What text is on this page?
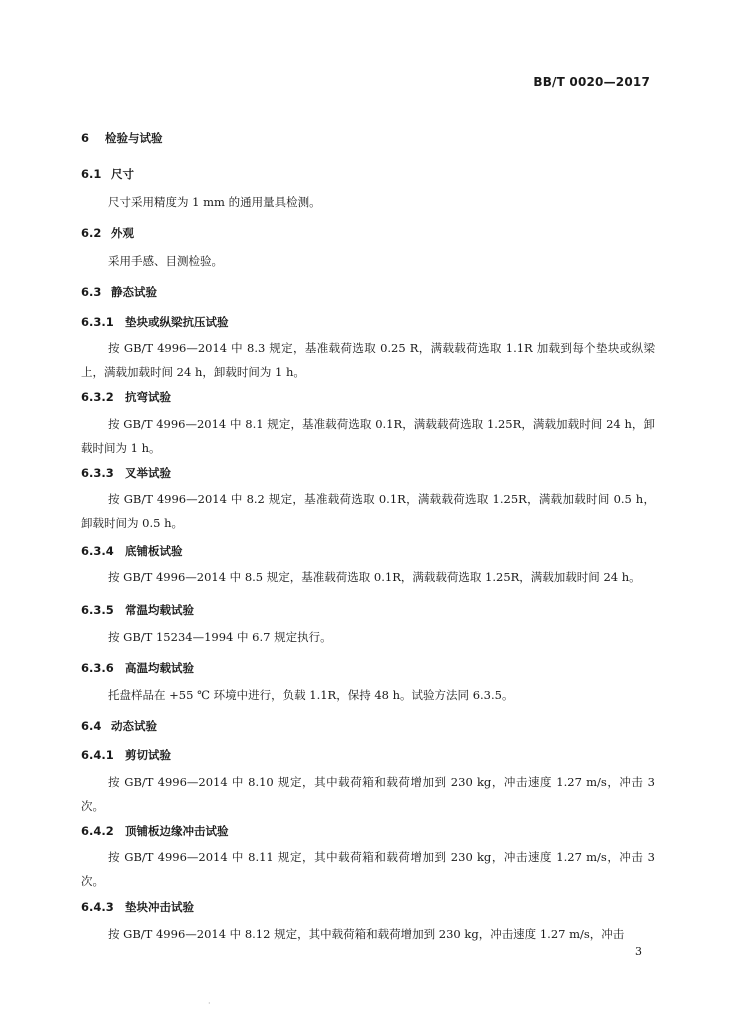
BB/T 0020—2017
6 检验与试验
6.1 尺寸
尺寸采用精度为 1 mm 的通用量具检测。
6.2 外观
采用手感、目测检验。
6.3 静态试验
6.3.1 垫块或纵梁抗压试验
按 GB/T 4996—2014 中 8.3 规定，基准载荷选取 0.25 R，满载载荷选取 1.1R 加载到每个垫块或纵梁上，满载加载时间 24 h，卸载时间为 1 h。
6.3.2 抗弯试验
按 GB/T 4996—2014 中 8.1 规定，基准载荷选取 0.1R，满载载荷选取 1.25R，满载加载时间 24 h，卸载时间为 1 h。
6.3.3 叉举试验
按 GB/T 4996—2014 中 8.2 规定，基准载荷选取 0.1R，满载载荷选取 1.25R，满载加载时间 0.5 h，卸载时间为 0.5 h。
6.3.4 底铺板试验
按 GB/T 4996—2014 中 8.5 规定，基准载荷选取 0.1R，满载载荷选取 1.25R，满载加载时间 24 h。
6.3.5 常温均载试验
按 GB/T 15234—1994 中 6.7 规定执行。
6.3.6 高温均载试验
托盘样品在 +55 ℃ 环境中进行，负载 1.1R，保持 48 h。试验方法同 6.3.5。
6.4 动态试验
6.4.1 剪切试验
按 GB/T 4996—2014 中 8.10 规定，其中载荷箱和载荷增加到 230 kg，冲击速度 1.27 m/s，冲击 3 次。
6.4.2 顶铺板边缘冲击试验
按 GB/T 4996—2014 中 8.11 规定，其中载荷箱和载荷增加到 230 kg，冲击速度 1.27 m/s，冲击 3 次。
6.4.3 垫块冲击试验
按 GB/T 4996—2014 中 8.12 规定，其中载荷箱和载荷增加到 230 kg，冲击速度 1.27 m/s，冲击
3
·
